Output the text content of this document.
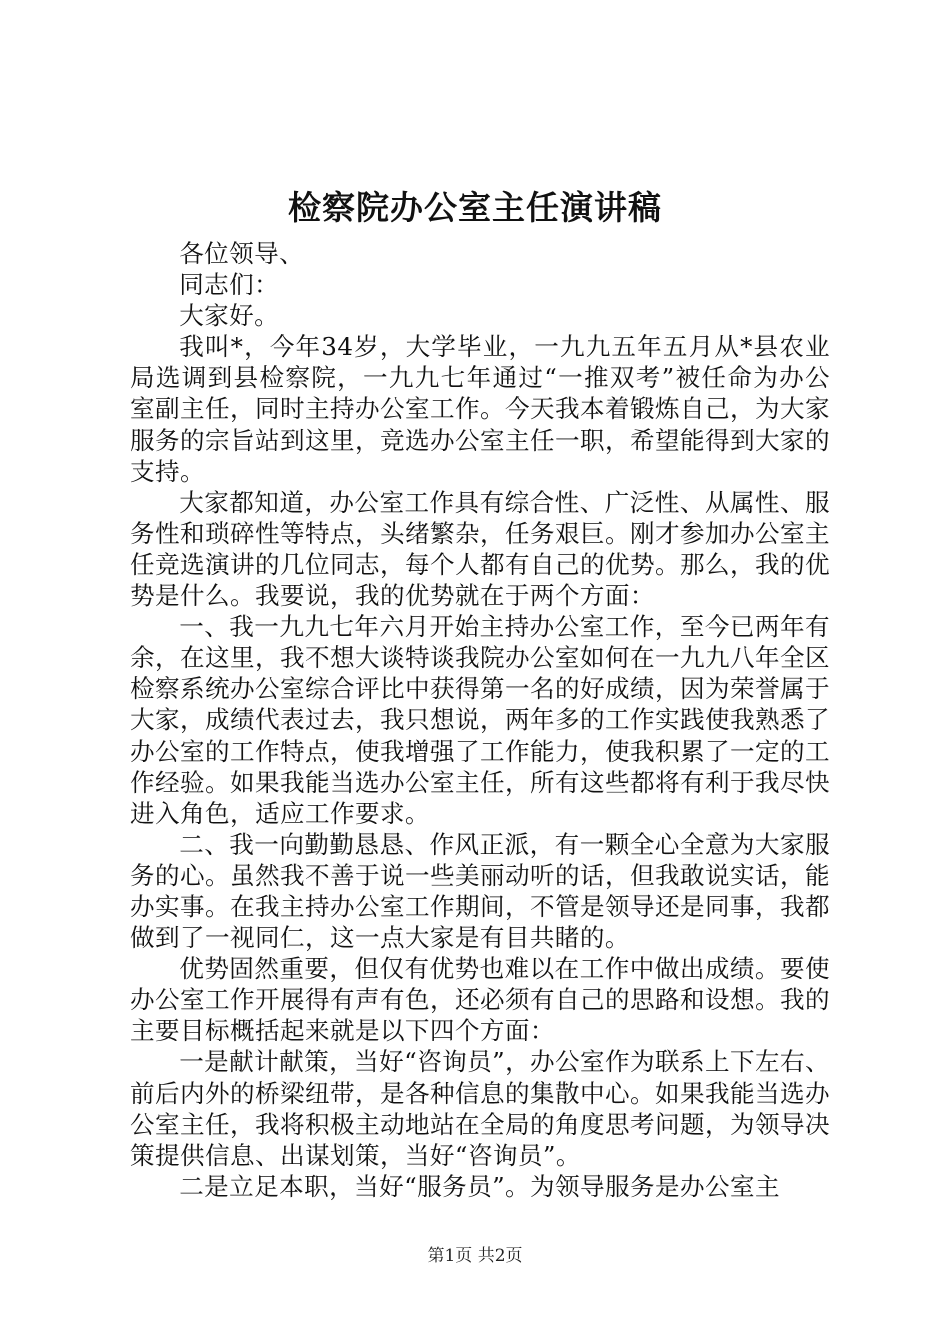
检察院办公室主任演讲稿

各位领导、

同志们：

大家好。

我叫*，今年34岁，大学毕业，一九九五年五月从*县农业局选调到县检察院，一九九七年通过“一推双考”被任命为办公室副主任，同时主持办公室工作。今天我本着锻炼自己，为大家服务的宗旨站到这里，竞选办公室主任一职，希望能得到大家的支持。

大家都知道，办公室工作具有综合性、广泛性、从属性、服务性和琐碎性等特点，头绪繁杂，任务艰巨。刚才参加办公室主任竞选演讲的几位同志，每个人都有自己的优势。那么，我的优势是什么。我要说，我的优势就在于两个方面：

一、我一九九七年六月开始主持办公室工作，至今已两年有余，在这里，我不想大谈特谈我院办公室如何在一九九八年全区检察系统办公室综合评比中获得第一名的好成绩，因为荣誉属于大家，成绩代表过去，我只想说，两年多的工作实践使我熟悉了办公室的工作特点，使我增强了工作能力，使我积累了一定的工作经验。如果我能当选办公室主任，所有这些都将有利于我尽快进入角色，适应工作要求。

二、我一向勤勤恳恳、作风正派，有一颗全心全意为大家服务的心。虽然我不善于说一些美丽动听的话，但我敢说实话，能办实事。在我主持办公室工作期间，不管是领导还是同事，我都做到了一视同仁，这一点大家是有目共睹的。

优势固然重要，但仅有优势也难以在工作中做出成绩。要使办公室工作开展得有声有色，还必须有自己的思路和设想。我的主要目标概括起来就是以下四个方面：

一是献计献策，当好“咨询员”，办公室作为联系上下左右、前后内外的桥梁纽带，是各种信息的集散中心。如果我能当选办公室主任，我将积极主动地站在全局的角度思考问题，为领导决策提供信息、出谋划策，当好“咨询员”。

二是立足本职，当好“服务员”。为领导服务是办公室主

第1页 共2页
